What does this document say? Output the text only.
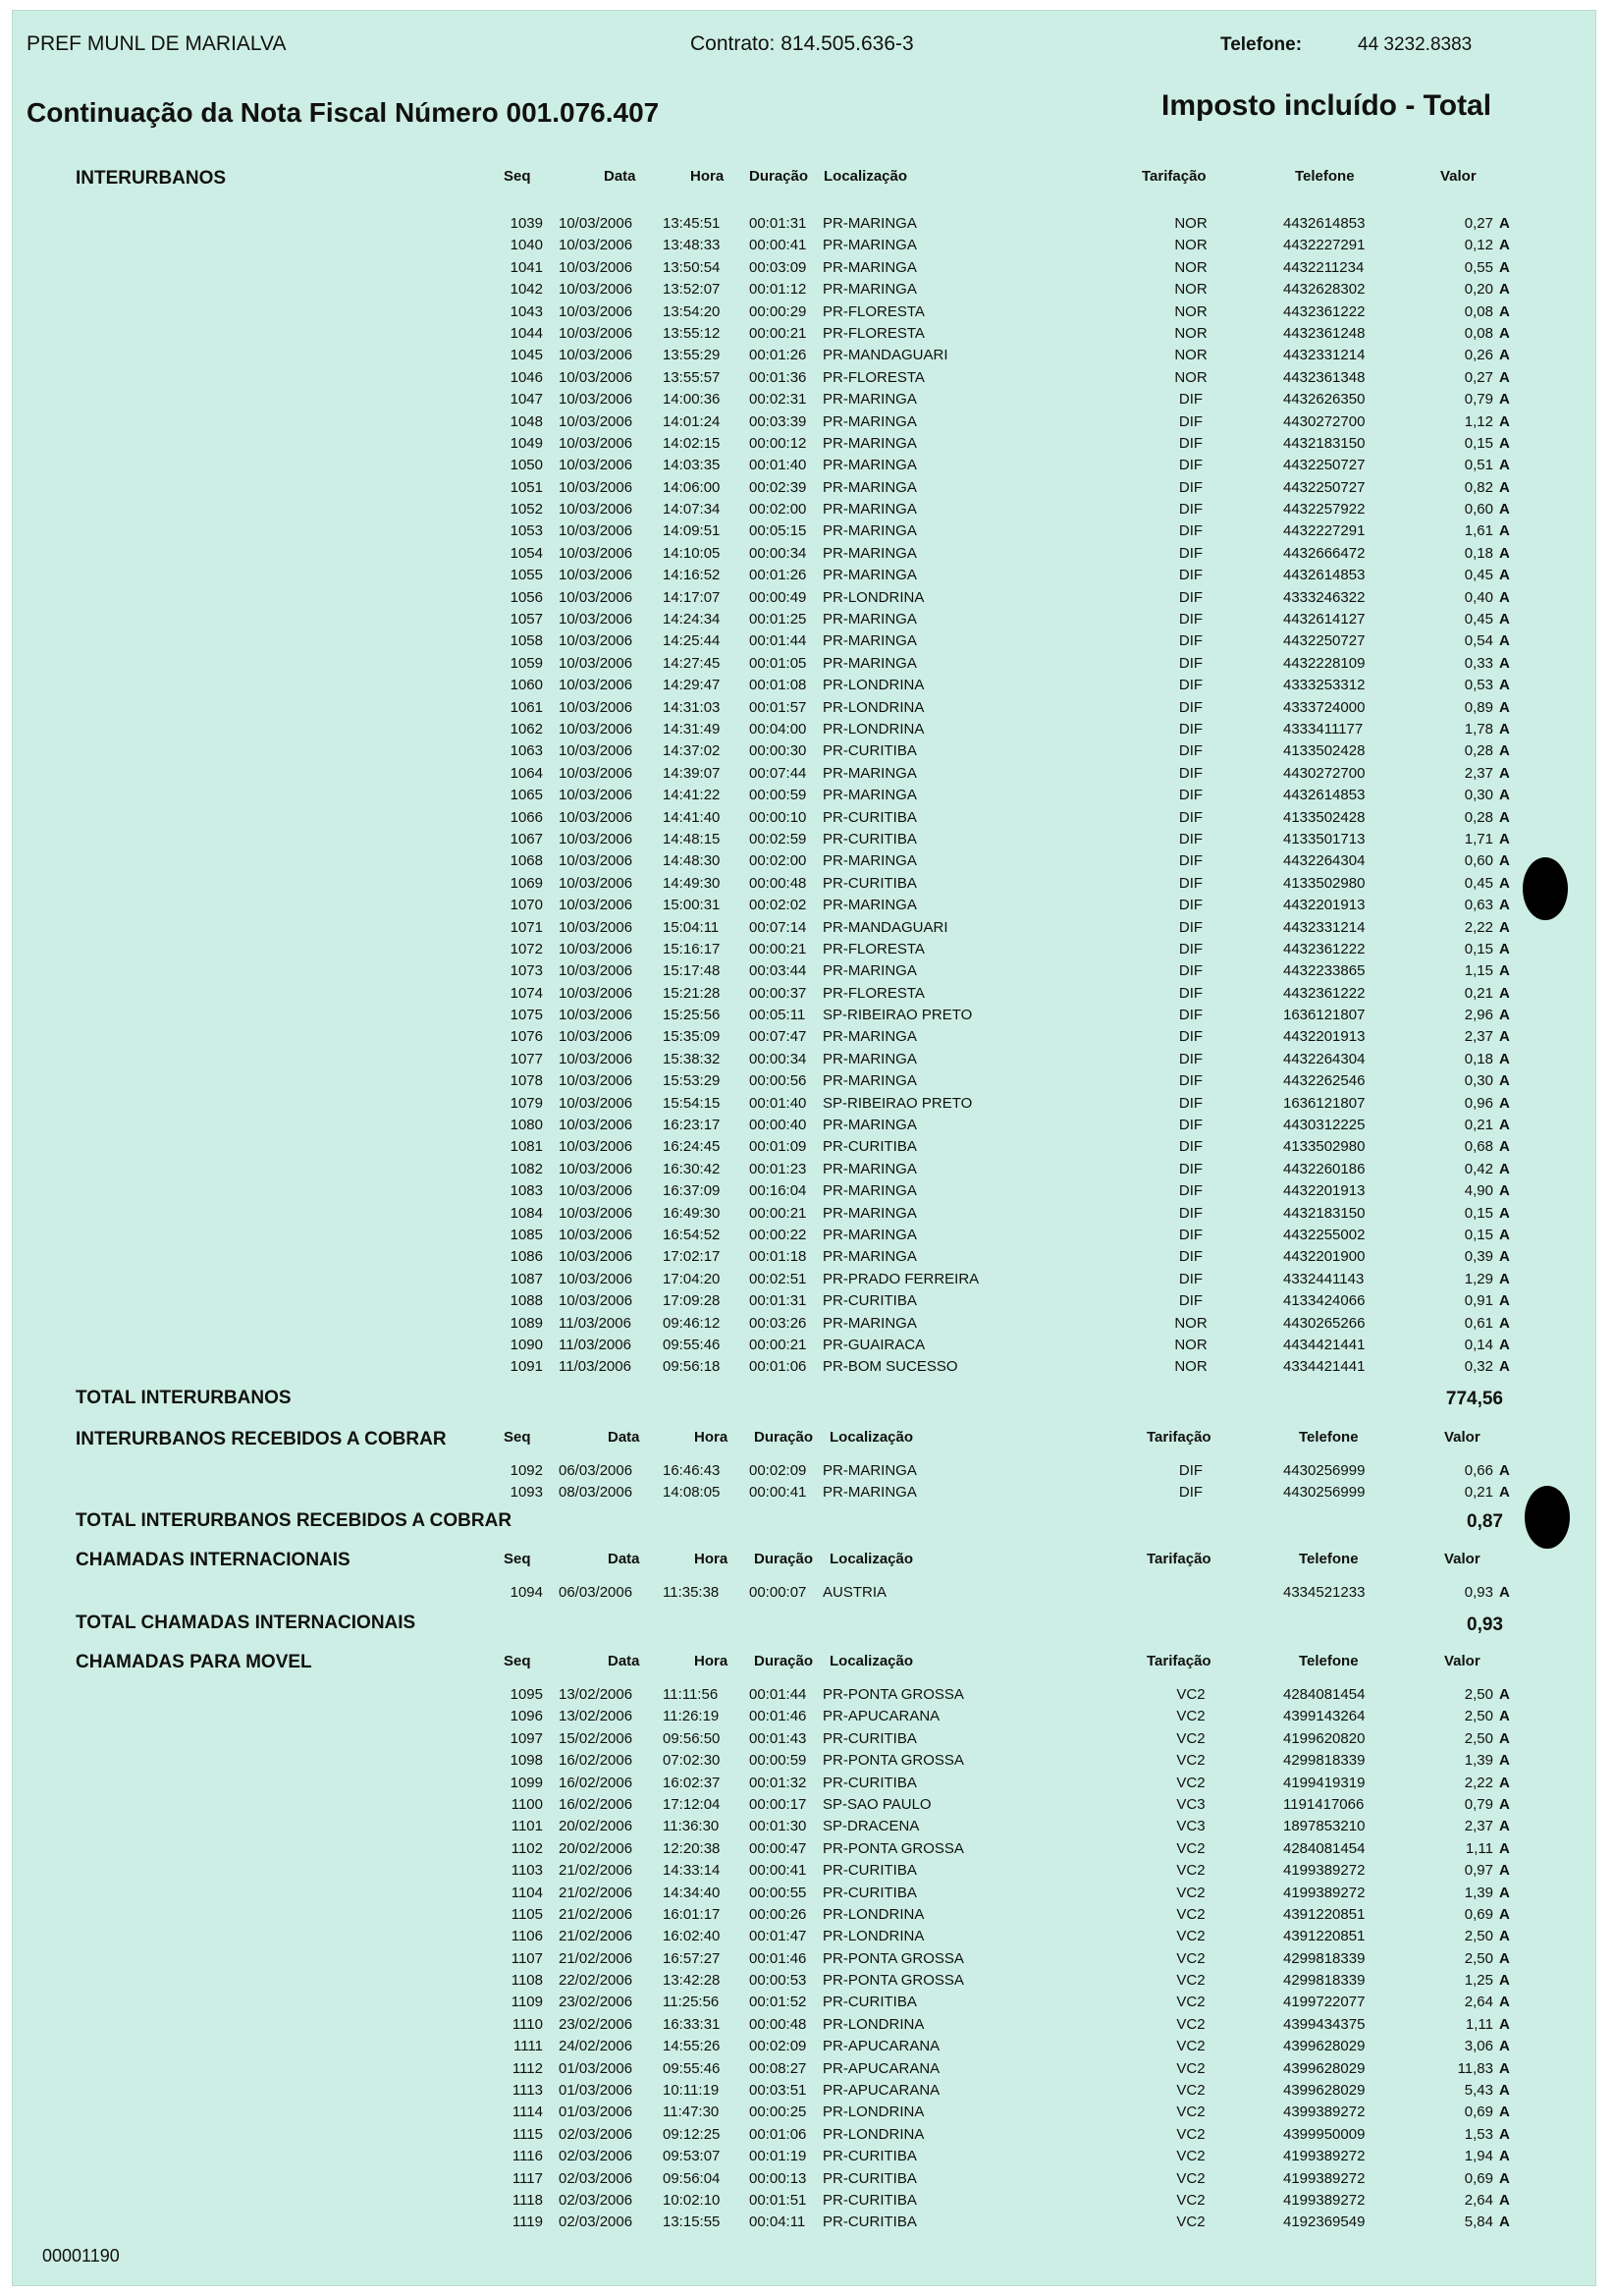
PREF MUNL DE MARIALVA	Contrato: 814.505.636-3	Telefone:	44 3232.8383
Continuação da Nota Fiscal Número 001.076.407	Imposto incluído - Total
INTERURBANOS	Seq	Data	Hora Duração Localização	Tarifação	Telefone	Valor
1039 10/03/2006 13:45:51 00:01:31 PR-MARINGA	NOR	4432614853	0,27 A
1040 10/03/2006 13:48:33 00:00:41 PR-MARINGA	NOR	4432227291	0,12 A
1041 10/03/2006 13:50:54 00:03:09 PR-MARINGA	NOR	4432211234	0,55 A
1042 10/03/2006 13:52:07 00:01:12 PR-MARINGA	NOR	4432628302	0,20 A
1043 10/03/2006 13:54:20 00:00:29 PR-FLORESTA	NOR	4432361222	0,08 A
1044 10/03/2006 13:55:12 00:00:21 PR-FLORESTA	NOR	4432361248	0,08 A
1045 10/03/2006 13:55:29 00:01:26 PR-MANDAGUARI	NOR	4432331214	0,26 A
1046 10/03/2006 13:55:57 00:01:36 PR-FLORESTA	NOR	4432361348	0,27 A
1047 10/03/2006 14:00:36 00:02:31 PR-MARINGA	DIF	4432626350	0,79 A
1048 10/03/2006 14:01:24 00:03:39 PR-MARINGA	DIF	4430272700	1,12 A
1049 10/03/2006 14:02:15 00:00:12 PR-MARINGA	DIF	4432183150	0,15 A
1050 10/03/2006 14:03:35 00:01:40 PR-MARINGA	DIF	4432250727	0,51 A
1051 10/03/2006 14:06:00 00:02:39 PR-MARINGA	DIF	4432250727	0,82 A
1052 10/03/2006 14:07:34 00:02:00 PR-MARINGA	DIF	4432257922	0,60 A
1053 10/03/2006 14:09:51 00:05:15 PR-MARINGA	DIF	4432227291	1,61 A
1054 10/03/2006 14:10:05 00:00:34 PR-MARINGA	DIF	4432666472	0,18 A
1055 10/03/2006 14:16:52 00:01:26 PR-MARINGA	DIF	4432614853	0,45 A
1056 10/03/2006 14:17:07 00:00:49 PR-LONDRINA	DIF	4333246322	0,40 A
1057 10/03/2006 14:24:34 00:01:25 PR-MARINGA	DIF	4432614127	0,45 A
1058 10/03/2006 14:25:44 00:01:44 PR-MARINGA	DIF	4432250727	0,54 A
1059 10/03/2006 14:27:45 00:01:05 PR-MARINGA	DIF	4432228109	0,33 A
1060 10/03/2006 14:29:47 00:01:08 PR-LONDRINA	DIF	4333253312	0,53 A
1061 10/03/2006 14:31:03 00:01:57 PR-LONDRINA	DIF	4333724000	0,89 A
1062 10/03/2006 14:31:49 00:04:00 PR-LONDRINA	DIF	4333411177	1,78 A
1063 10/03/2006 14:37:02 00:00:30 PR-CURITIBA	DIF	4133502428	0,28 A
1064 10/03/2006 14:39:07 00:07:44 PR-MARINGA	DIF	4430272700	2,37 A
1065 10/03/2006 14:41:22 00:00:59 PR-MARINGA	DIF	4432614853	0,30 A
1066 10/03/2006 14:41:40 00:00:10 PR-CURITIBA	DIF	4133502428	0,28 A
1067 10/03/2006 14:48:15 00:02:59 PR-CURITIBA	DIF	4133501713	1,71 A
1068 10/03/2006 14:48:30 00:02:00 PR-MARINGA	DIF	4432264304	0,60 A
1069 10/03/2006 14:49:30 00:00:48 PR-CURITIBA	DIF	4133502980	0,45 A
1070 10/03/2006 15:00:31 00:02:02 PR-MARINGA	DIF	4432201913	0,63 A
1071 10/03/2006 15:04:11 00:07:14 PR-MANDAGUARI	DIF	4432331214	2,22 A
1072 10/03/2006 15:16:17 00:00:21 PR-FLORESTA	DIF	4432361222	0,15 A
1073 10/03/2006 15:17:48 00:03:44 PR-MARINGA	DIF	4432233865	1,15 A
1074 10/03/2006 15:21:28 00:00:37 PR-FLORESTA	DIF	4432361222	0,21 A
1075 10/03/2006 15:25:56 00:05:11 SP-RIBEIRAO PRETO	DIF	1636121807	2,96 A
1076 10/03/2006 15:35:09 00:07:47 PR-MARINGA	DIF	4432201913	2,37 A
1077 10/03/2006 15:38:32 00:00:34 PR-MARINGA	DIF	4432264304	0,18 A
1078 10/03/2006 15:53:29 00:00:56 PR-MARINGA	DIF	4432262546	0,30 A
1079 10/03/2006 15:54:15 00:01:40 SP-RIBEIRAO PRETO	DIF	1636121807	0,96 A
1080 10/03/2006 16:23:17 00:00:40 PR-MARINGA	DIF	4430312225	0,21 A
1081 10/03/2006 16:24:45 00:01:09 PR-CURITIBA	DIF	4133502980	0,68 A
1082 10/03/2006 16:30:42 00:01:23 PR-MARINGA	DIF	4432260186	0,42 A
1083 10/03/2006 16:37:09 00:16:04 PR-MARINGA	DIF	4432201913	4,90 A
1084 10/03/2006 16:49:30 00:00:21 PR-MARINGA	DIF	4432183150	0,15 A
1085 10/03/2006 16:54:52 00:00:22 PR-MARINGA	DIF	4432255002	0,15 A
1086 10/03/2006 17:02:17 00:01:18 PR-MARINGA	DIF	4432201900	0,39 A
1087 10/03/2006 17:04:20 00:02:51 PR-PRADO FERREIRA	DIF	4332441143	1,29 A
1088 10/03/2006 17:09:28 00:01:31 PR-CURITIBA	DIF	4133424066	0,91 A
1089 11/03/2006 09:46:12 00:03:26 PR-MARINGA	NOR	4430265266	0,61 A
1090 11/03/2006 09:55:46 00:00:21 PR-GUAIRACA	NOR	4434421441	0,14 A
1091 11/03/2006 09:56:18 00:01:06 PR-BOM SUCESSO	NOR	4334421441	0,32 A
TOTAL INTERURBANOS	774,56
INTERURBANOS RECEBIDOS A COBRAR	Seq	Data	Hora Duração Localização	Tarifação	Telefone	Valor
1092 06/03/2006 16:46:43 00:02:09 PR-MARINGA	DIF	4430256999	0,66 A
1093 08/03/2006 14:08:05 00:00:41 PR-MARINGA	DIF	4430256999	0,21 A
TOTAL INTERURBANOS RECEBIDOS A COBRAR	0,87
CHAMADAS INTERNACIONAIS	Seq	Data	Hora Duração Localização	Tarifação	Telefone	Valor
1094 06/03/2006 11:35:38 00:00:07 AUSTRIA	4334521233	0,93 A
TOTAL CHAMADAS INTERNACIONAIS	0,93
CHAMADAS PARA MOVEL	Seq	Data	Hora Duração Localização	Tarifação	Telefone	Valor
1095 13/02/2006 11:11:56 00:01:44 PR-PONTA GROSSA	VC2	4284081454	2,50 A
1096 13/02/2006 11:26:19 00:01:46 PR-APUCARANA	VC2	4399143264	2,50 A
1097 15/02/2006 09:56:50 00:01:43 PR-CURITIBA	VC2	4199620820	2,50 A
1098 16/02/2006 07:02:30 00:00:59 PR-PONTA GROSSA	VC2	4299818339	1,39 A
1099 16/02/2006 16:02:37 00:01:32 PR-CURITIBA	VC2	4199419319	2,22 A
1100 16/02/2006 17:12:04 00:00:17 SP-SAO PAULO	VC3	1191417066	0,79 A
1101 20/02/2006 11:36:30 00:01:30 SP-DRACENA	VC3	1897853210	2,37 A
1102 20/02/2006 12:20:38 00:00:47 PR-PONTA GROSSA	VC2	4284081454	1,11 A
1103 21/02/2006 14:33:14 00:00:41 PR-CURITIBA	VC2	4199389272	0,97 A
1104 21/02/2006 14:34:40 00:00:55 PR-CURITIBA	VC2	4199389272	1,39 A
1105 21/02/2006 16:01:17 00:00:26 PR-LONDRINA	VC2	4391220851	0,69 A
1106 21/02/2006 16:02:40 00:01:47 PR-LONDRINA	VC2	4391220851	2,50 A
1107 21/02/2006 16:57:27 00:01:46 PR-PONTA GROSSA	VC2	4299818339	2,50 A
1108 22/02/2006 13:42:28 00:00:53 PR-PONTA GROSSA	VC2	4299818339	1,25 A
1109 23/02/2006 11:25:56 00:01:52 PR-CURITIBA	VC2	4199722077	2,64 A
1110 23/02/2006 16:33:31 00:00:48 PR-LONDRINA	VC2	4399434375	1,11 A
1111 24/02/2006 14:55:26 00:02:09 PR-APUCARANA	VC2	4399628029	3,06 A
1112 01/03/2006 09:55:46 00:08:27 PR-APUCARANA	VC2	4399628029	11,83 A
1113 01/03/2006 10:11:19 00:03:51 PR-APUCARANA	VC2	4399628029	5,43 A
1114 01/03/2006 11:47:30 00:00:25 PR-LONDRINA	VC2	4399389272	0,69 A
1115 02/03/2006 09:12:25 00:01:06 PR-LONDRINA	VC2	4399950009	1,53 A
1116 02/03/2006 09:53:07 00:01:19 PR-CURITIBA	VC2	4199389272	1,94 A
1117 02/03/2006 09:56:04 00:00:13 PR-CURITIBA	VC2	4199389272	0,69 A
1118 02/03/2006 10:02:10 00:01:51 PR-CURITIBA	VC2	4199389272	2,64 A
1119 02/03/2006 13:15:55 00:04:11 PR-CURITIBA	VC2	4192369549	5,84 A
00001190
